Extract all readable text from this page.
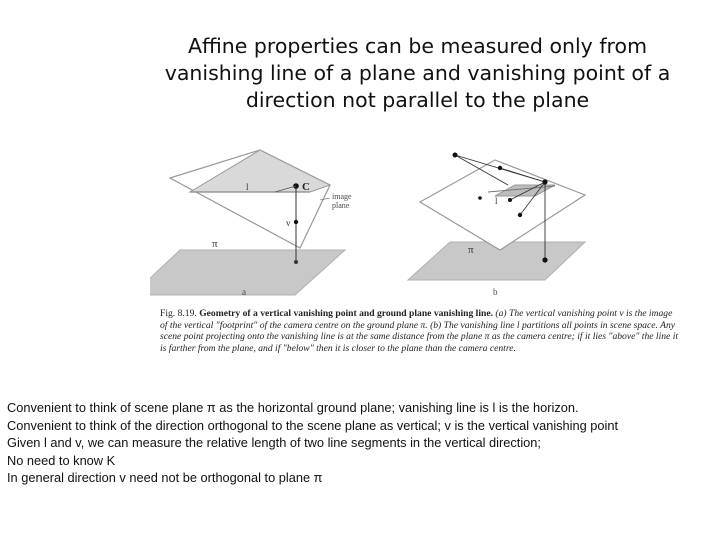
Affine properties can be measured only from
vanishing line of a plane and vanishing point of a
direction not parallel to the plane
l	C
v
image plane
π
a
l
π
b
Fig. 8.19. Geometry of a vertical vanishing point and ground plane vanishing line. (a) The vertical vanishing point v is the image of the vertical "footprint" of the camera centre on the ground plane π. (b) The vanishing line l partitions all points in scene space. Any scene point projecting onto the vanishing line is at the same distance from the plane π as the camera centre; if it lies "above" the line it is farther from the plane, and if "below" then it is closer to the plane than the camera centre.
Convenient to think of scene plane π as the horizontal ground plane; vanishing line is l is the horizon.
Convenient to think of the direction orthogonal to the scene plane as vertical; v is the vertical vanishing point
Given l and v, we can measure the relative length of two line segments in the vertical direction;
No need to know K
In general direction v need not be orthogonal to plane π
